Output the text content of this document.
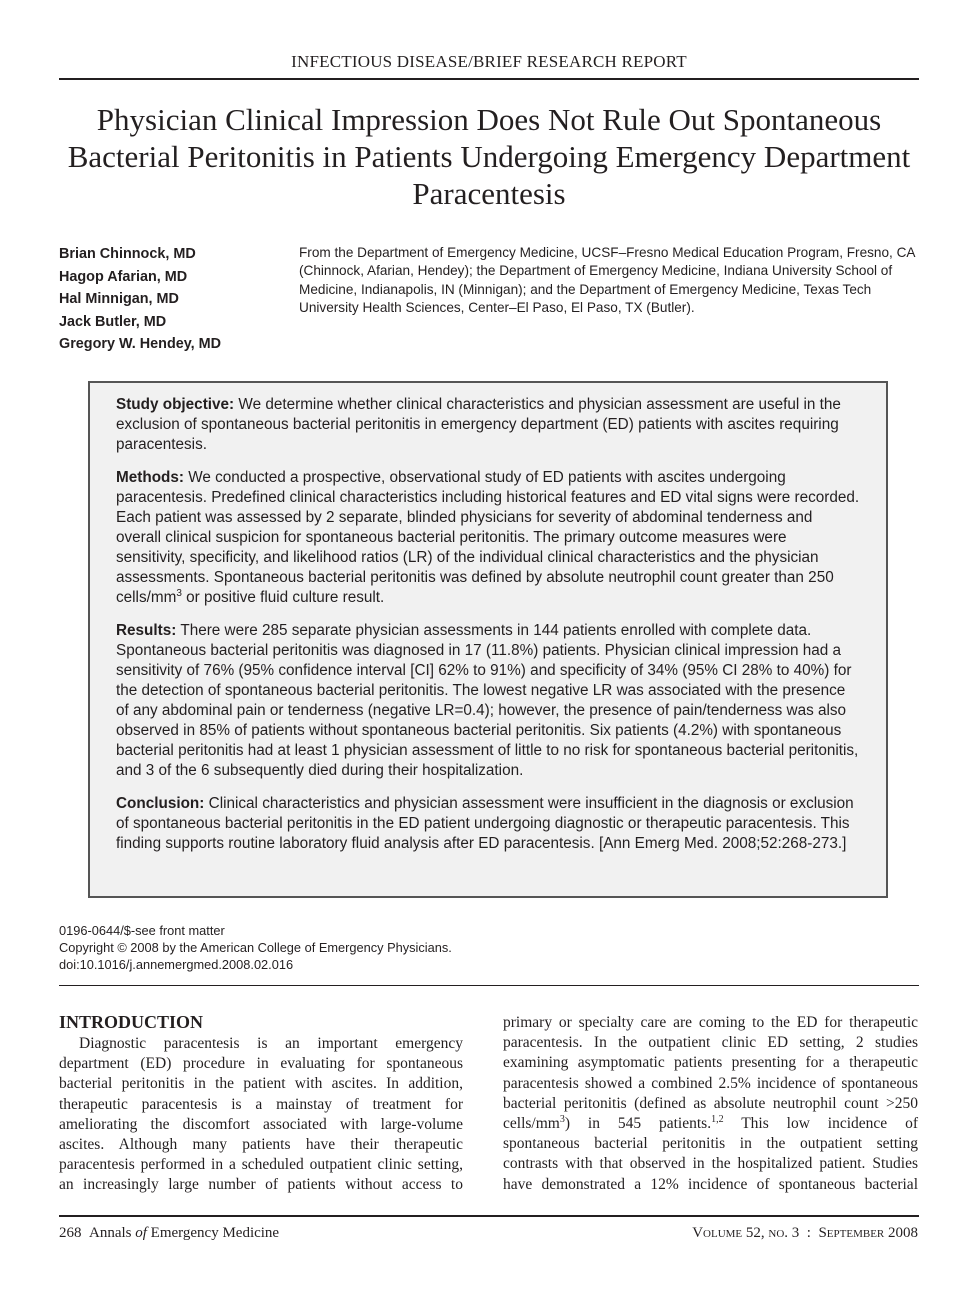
INFECTIOUS DISEASE/BRIEF RESEARCH REPORT
Physician Clinical Impression Does Not Rule Out Spontaneous Bacterial Peritonitis in Patients Undergoing Emergency Department Paracentesis
Brian Chinnock, MD
Hagop Afarian, MD
Hal Minnigan, MD
Jack Butler, MD
Gregory W. Hendey, MD

From the Department of Emergency Medicine, UCSF–Fresno Medical Education Program, Fresno, CA (Chinnock, Afarian, Hendey); the Department of Emergency Medicine, Indiana University School of Medicine, Indianapolis, IN (Minnigan); and the Department of Emergency Medicine, Texas Tech University Health Sciences, Center–El Paso, El Paso, TX (Butler).

Study objective: We determine whether clinical characteristics and physician assessment are useful in the exclusion of spontaneous bacterial peritonitis in emergency department (ED) patients with ascites requiring paracentesis.

Methods: We conducted a prospective, observational study of ED patients with ascites undergoing paracentesis. Predefined clinical characteristics including historical features and ED vital signs were recorded. Each patient was assessed by 2 separate, blinded physicians for severity of abdominal tenderness and overall clinical suspicion for spontaneous bacterial peritonitis. The primary outcome measures were sensitivity, specificity, and likelihood ratios (LR) of the individual clinical characteristics and the physician assessments. Spontaneous bacterial peritonitis was defined by absolute neutrophil count greater than 250 cells/$mm^3$ or positive fluid culture result.

Results: There were 285 separate physician assessments in 144 patients enrolled with complete data. Spontaneous bacterial peritonitis was diagnosed in 17 (11.8%) patients. Physician clinical impression had a sensitivity of 76% (95% confidence interval [CI] 62% to 91%) and specificity of 34% (95% CI 28% to 40%) for the detection of spontaneous bacterial peritonitis. The lowest negative LR was associated with the presence of any abdominal pain or tenderness (negative LR=0.4); however, the presence of pain/tenderness was also observed in 85% of patients without spontaneous bacterial peritonitis. Six patients (4.2%) with spontaneous bacterial peritonitis had at least 1 physician assessment of little to no risk for spontaneous bacterial peritonitis, and 3 of the 6 subsequently died during their hospitalization.

Conclusion: Clinical characteristics and physician assessment were insufficient in the diagnosis or exclusion of spontaneous bacterial peritonitis in the ED patient undergoing diagnostic or therapeutic paracentesis. This finding supports routine laboratory fluid analysis after ED paracentesis. [Ann Emerg Med. 2008;52:268-273.]

0196-0644/$-see front matter
Copyright © 2008 by the American College of Emergency Physicians.
doi:10.1016/j.annemergmed.2008.02.016
INTRODUCTION
Diagnostic paracentesis is an important emergency
department (ED) procedure in evaluating for spontaneous
bacterial peritonitis in the patient with ascites. In addition,
therapeutic paracentesis is a mainstay of treatment for
ameliorating the discomfort associated with large-volume
ascites. Although many patients have their therapeutic
paracentesis performed in a scheduled outpatient clinic setting,
an increasingly large number of patients without access to
primary or specialty care are coming to the ED for therapeutic
paracentesis. In the outpatient clinic ED setting, 2 studies
examining asymptomatic patients presenting for a therapeutic
paracentesis showed a combined 2.5% incidence of spontaneous
bacterial peritonitis (defined as absolute neutrophil count >250
cells/$mm^3$) in 545 patients.$^{1,2}$ This low incidence of
spontaneous bacterial peritonitis in the outpatient setting
contrasts with that observed in the hospitalized patient. Studies
have demonstrated a 12% incidence of spontaneous bacterial
268 Annals of Emergency Medicine	Volume 52, no. 3 : September 2008
